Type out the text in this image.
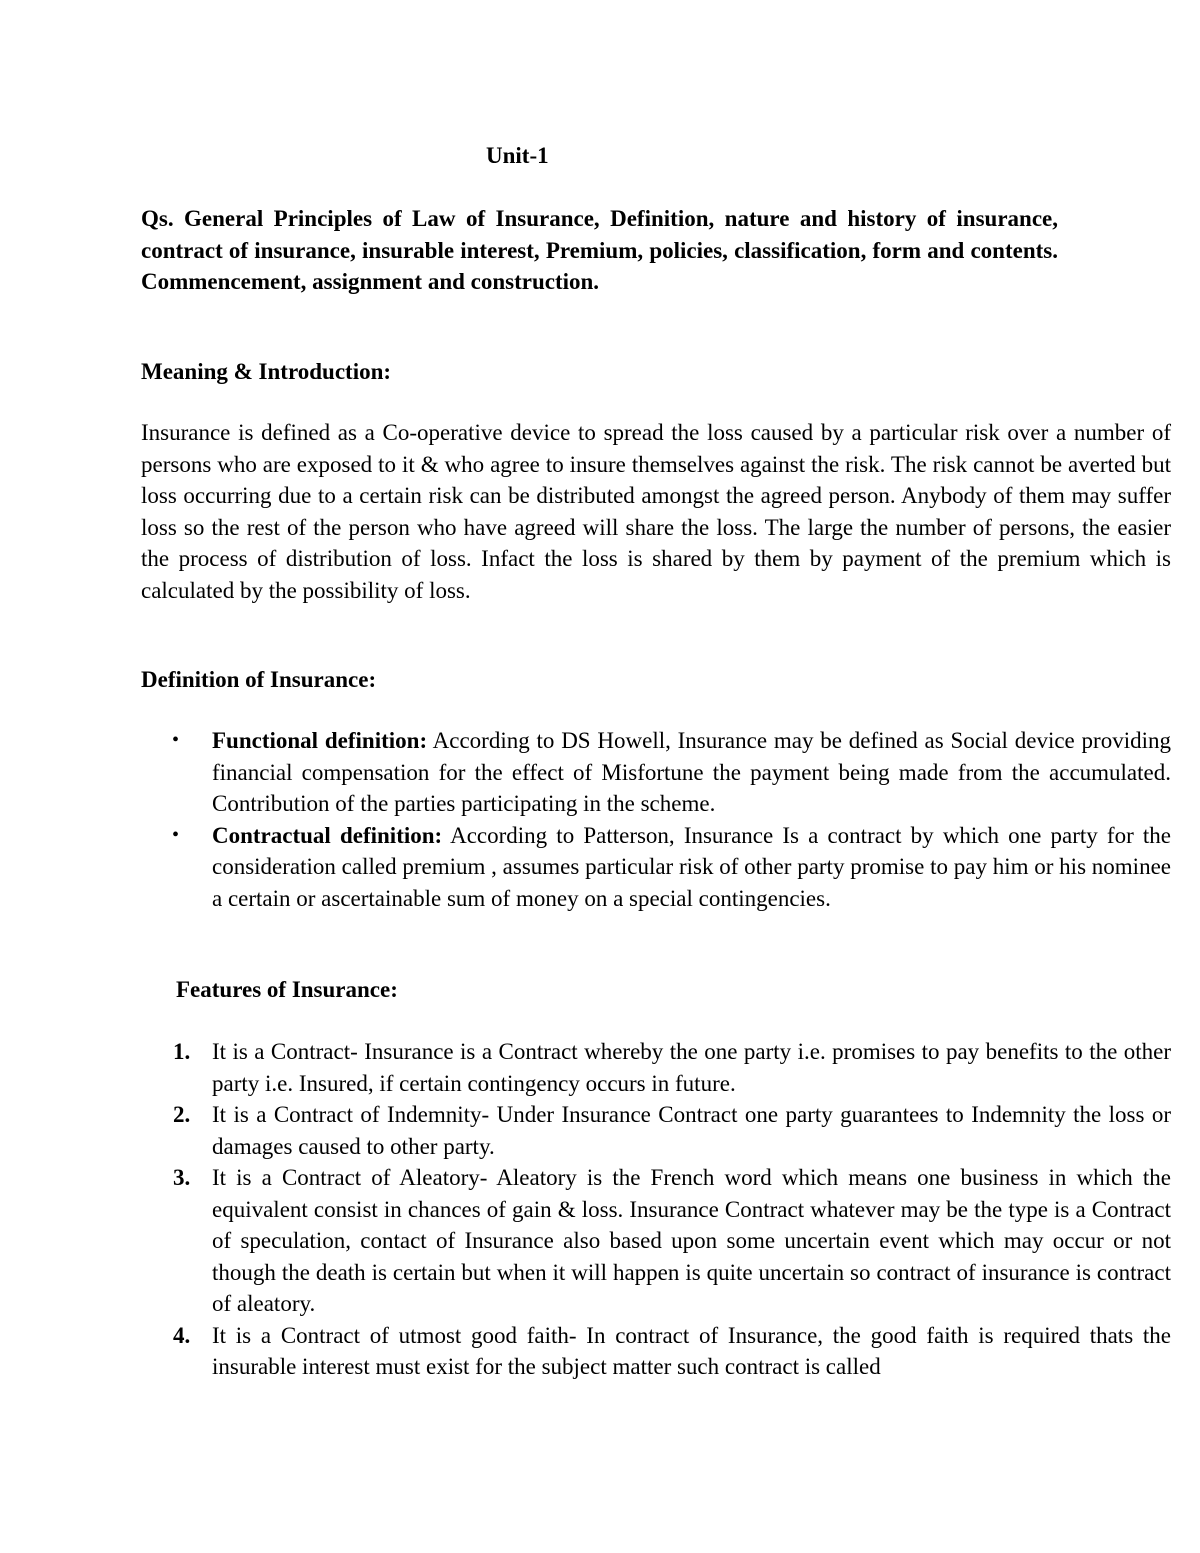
Unit-1
Qs. General Principles of Law of Insurance, Definition, nature and history of insurance, contract of insurance, insurable interest, Premium, policies, classification, form and contents. Commencement, assignment and construction.
Meaning & Introduction:
Insurance is defined as a Co-operative device to spread the loss caused by a particular risk over a number of persons who are exposed to it & who agree to insure themselves against the risk. The risk cannot be averted but loss occurring due to a certain risk can be distributed amongst the agreed person. Anybody of them may suffer loss so the rest of the person who have agreed will share the loss. The large the number of persons, the easier the process of distribution of loss. Infact the loss is shared by them by payment of the premium which is calculated by the possibility of loss.
Definition of Insurance:
• Functional definition: According to DS Howell, Insurance may be defined as Social device providing financial compensation for the effect of Misfortune the payment being made from the accumulated. Contribution of the parties participating in the scheme.
• Contractual definition: According to Patterson, Insurance Is a contract by which one party for the consideration called premium , assumes particular risk of other party promise to pay him or his nominee a certain or ascertainable sum of money on a special contingencies.
Features of Insurance:
1. It is a Contract- Insurance is a Contract whereby the one party i.e. promises to pay benefits to the other party i.e. Insured, if certain contingency occurs in future.
2. It is a Contract of Indemnity- Under Insurance Contract one party guarantees to Indemnity the loss or damages caused to other party.
3. It is a Contract of Aleatory- Aleatory is the French word which means one business in which the equivalent consist in chances of gain & loss. Insurance Contract whatever may be the type is a Contract of speculation, contact of Insurance also based upon some uncertain event which may occur or not though the death is certain but when it will happen is quite uncertain so contract of insurance is contract of aleatory.
4. It is a Contract of utmost good faith- In contract of Insurance, the good faith is required thats the insurable interest must exist for the subject matter such contract is called
